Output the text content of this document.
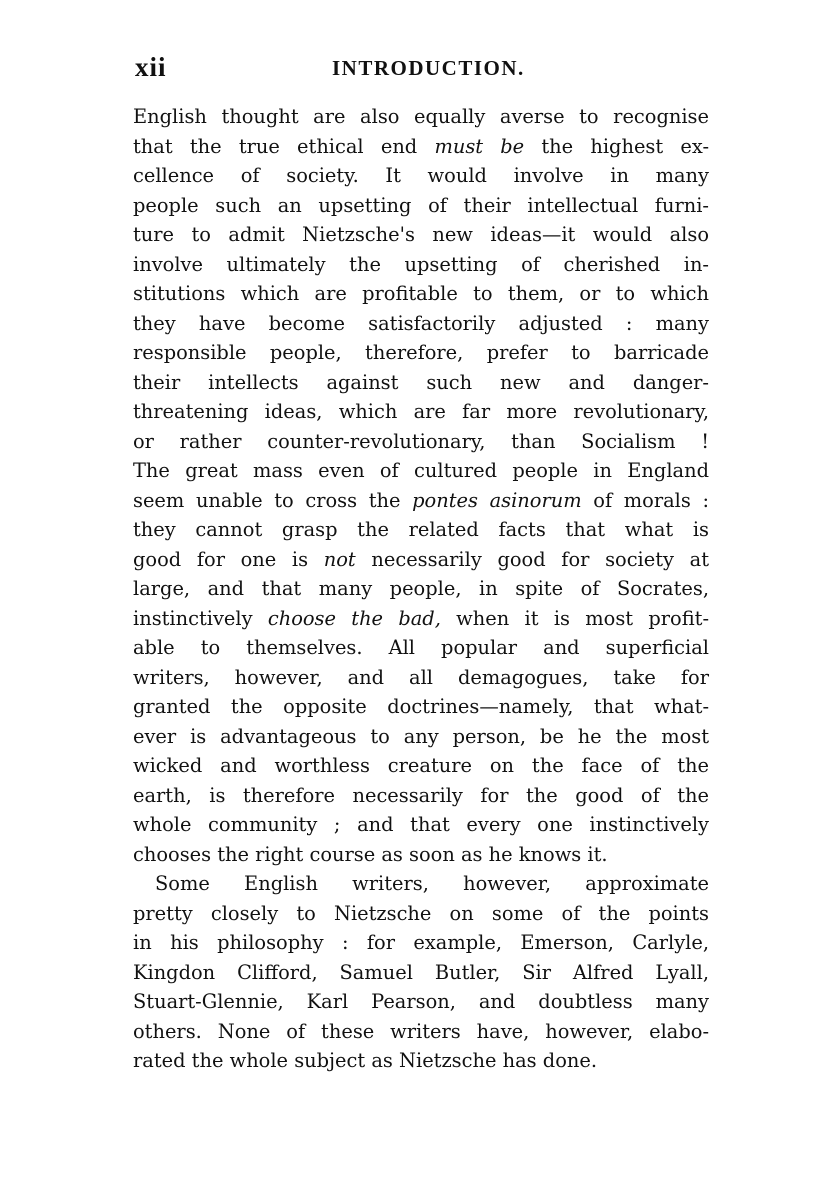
xii	INTRODUCTION.
English thought are also equally averse to recognise
that the true ethical end must be the highest ex-
cellence of society. It would involve in many
people such an upsetting of their intellectual furni-
ture to admit Nietzsche's new ideas—it would also
involve ultimately the upsetting of cherished in-
stitutions which are profitable to them, or to which
they have become satisfactorily adjusted : many
responsible people, therefore, prefer to barricade
their intellects against such new and danger-
threatening ideas, which are far more revolutionary,
or rather counter-revolutionary, than Socialism !
The great mass even of cultured people in England
seem unable to cross the pontes asinorum of morals :
they cannot grasp the related facts that what is
good for one is not necessarily good for society at
large, and that many people, in spite of Socrates,
instinctively choose the bad, when it is most profit-
able to themselves. All popular and superficial
writers, however, and all demagogues, take for
granted the opposite doctrines—namely, that what-
ever is advantageous to any person, be he the most
wicked and worthless creature on the face of the
earth, is therefore necessarily for the good of the
whole community ; and that every one instinctively
chooses the right course as soon as he knows it.
Some English writers, however, approximate
pretty closely to Nietzsche on some of the points
in his philosophy : for example, Emerson, Carlyle,
Kingdon Clifford, Samuel Butler, Sir Alfred Lyall,
Stuart-Glennie, Karl Pearson, and doubtless many
others. None of these writers have, however, elabo-
rated the whole subject as Nietzsche has done.
